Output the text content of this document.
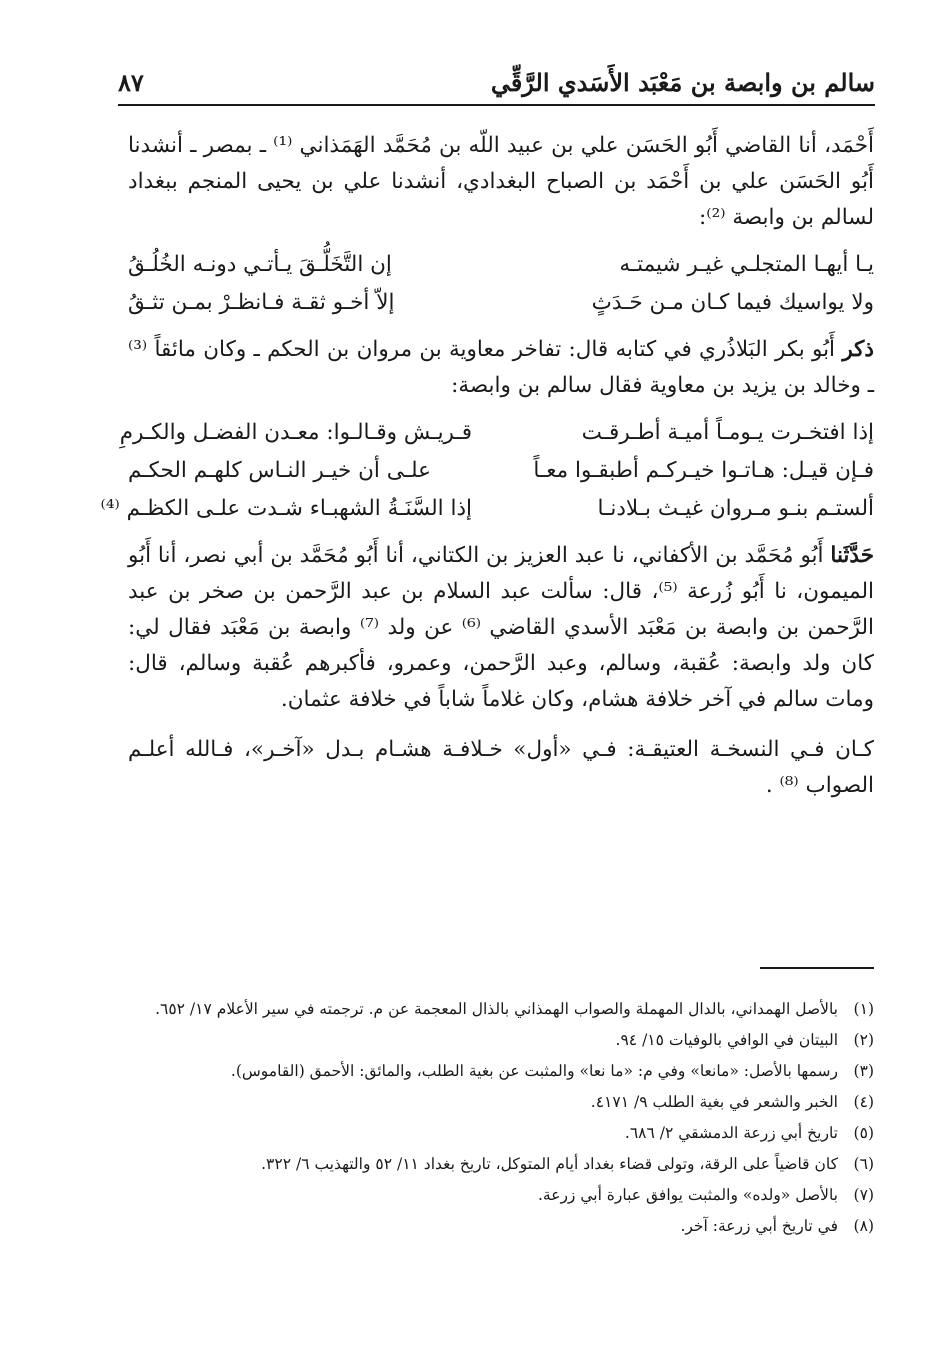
سالم بن وابصة بن مَعْبَد الأَسَدي الرَّقِّي
٨٧

أَحْمَد، أنا القاضي أَبُو الحَسَن علي بن عبيد اللّه بن مُحَمَّد الهَمَذاني ⁽¹⁾ ـ بمصر ـ أنشدنا أَبُو الحَسَن علي بن أَحْمَد بن الصباح البغدادي، أنشدنا علي بن يحيى المنجم ببغداد لسالم بن وابصة ⁽²⁾:

يـا أيهـا المتجلـي غيـر شيمتـه
إن التَّخَلُّـقَ يـأتـي دونـه الخُلُـقُ
ولا يواسيك فيما كـان مـن حَـدَثٍ
إلاّ أخـو ثقـة فـانظـرْ بمـن تثـقُ

ذكر أَبُو بكر البَلاذُري في كتابه قال: تفاخر معاوية بن مروان بن الحكم ـ وكان مائقاً ⁽³⁾ ـ وخالد بن يزيد بن معاوية فقال سالم بن وابصة:

إذا افتخـرت يـومـاً أميـة أطـرقـت
قـريـش وقـالـوا: معـدن الفضـل والكـرمِ
فـإن قيـل: هـاتـوا خيـركـم أطبقـوا معـاً
علـى أن خيـر النـاس كلهـم الحكـم
ألستـم بنـو مـروان غيـث بـلادنـا
إذا السَّنَـةُ الشهبـاء شـدت علـى الكظـم ⁽⁴⁾

حَدَّثَنا أَبُو مُحَمَّد بن الأكفاني، نا عبد العزيز بن الكتاني، أنا أَبُو مُحَمَّد بن أبي نصر، أنا أَبُو الميمون، نا أَبُو زُرعة ⁽⁵⁾، قال: سألت عبد السلام بن عبد الرَّحمن بن صخر بن عبد الرَّحمن بن وابصة بن مَعْبَد الأسدي القاضي ⁽⁶⁾ عن ولد ⁽⁷⁾ وابصة بن مَعْبَد فقال لي: كان ولد وابصة: عُقبة، وسالم، وعبد الرَّحمن، وعمرو، فأكبرهم عُقبة وسالم، قال: ومات سالم في آخر خلافة هشام، وكان غلاماً شاباً في خلافة عثمان.

كـان فـي النسخـة العتيقـة: فـي «أول» خـلافـة هشـام بـدل «آخـر»، فـالله أعلـم الصواب ⁽⁸⁾ .

(١)
بالأصل الهمداني، بالدال المهملة والصواب الهمذاني بالذال المعجمة عن م. ترجمته في سير الأعلام ١٧/ ٦٥٢.
(٢)
البيتان في الوافي بالوفيات ١٥/ ٩٤.
(٣)
رسمها بالأصل: «مانعا» وفي م: «ما نعا» والمثبت عن بغية الطلب، والمائق: الأحمق (القاموس).
(٤)
الخبر والشعر في بغية الطلب ٩/ ٤١٧١.
(٥)
تاريخ أبي زرعة الدمشقي ٢/ ٦٨٦.
(٦)
كان قاضياً على الرقة، وتولى قضاء بغداد أيام المتوكل، تاريخ بغداد ١١/ ٥٢ والتهذيب ٦/ ٣٢٢.
(٧)
بالأصل «ولده» والمثبت يوافق عبارة أبي زرعة.
(٨)
في تاريخ أبي زرعة: آخر.
